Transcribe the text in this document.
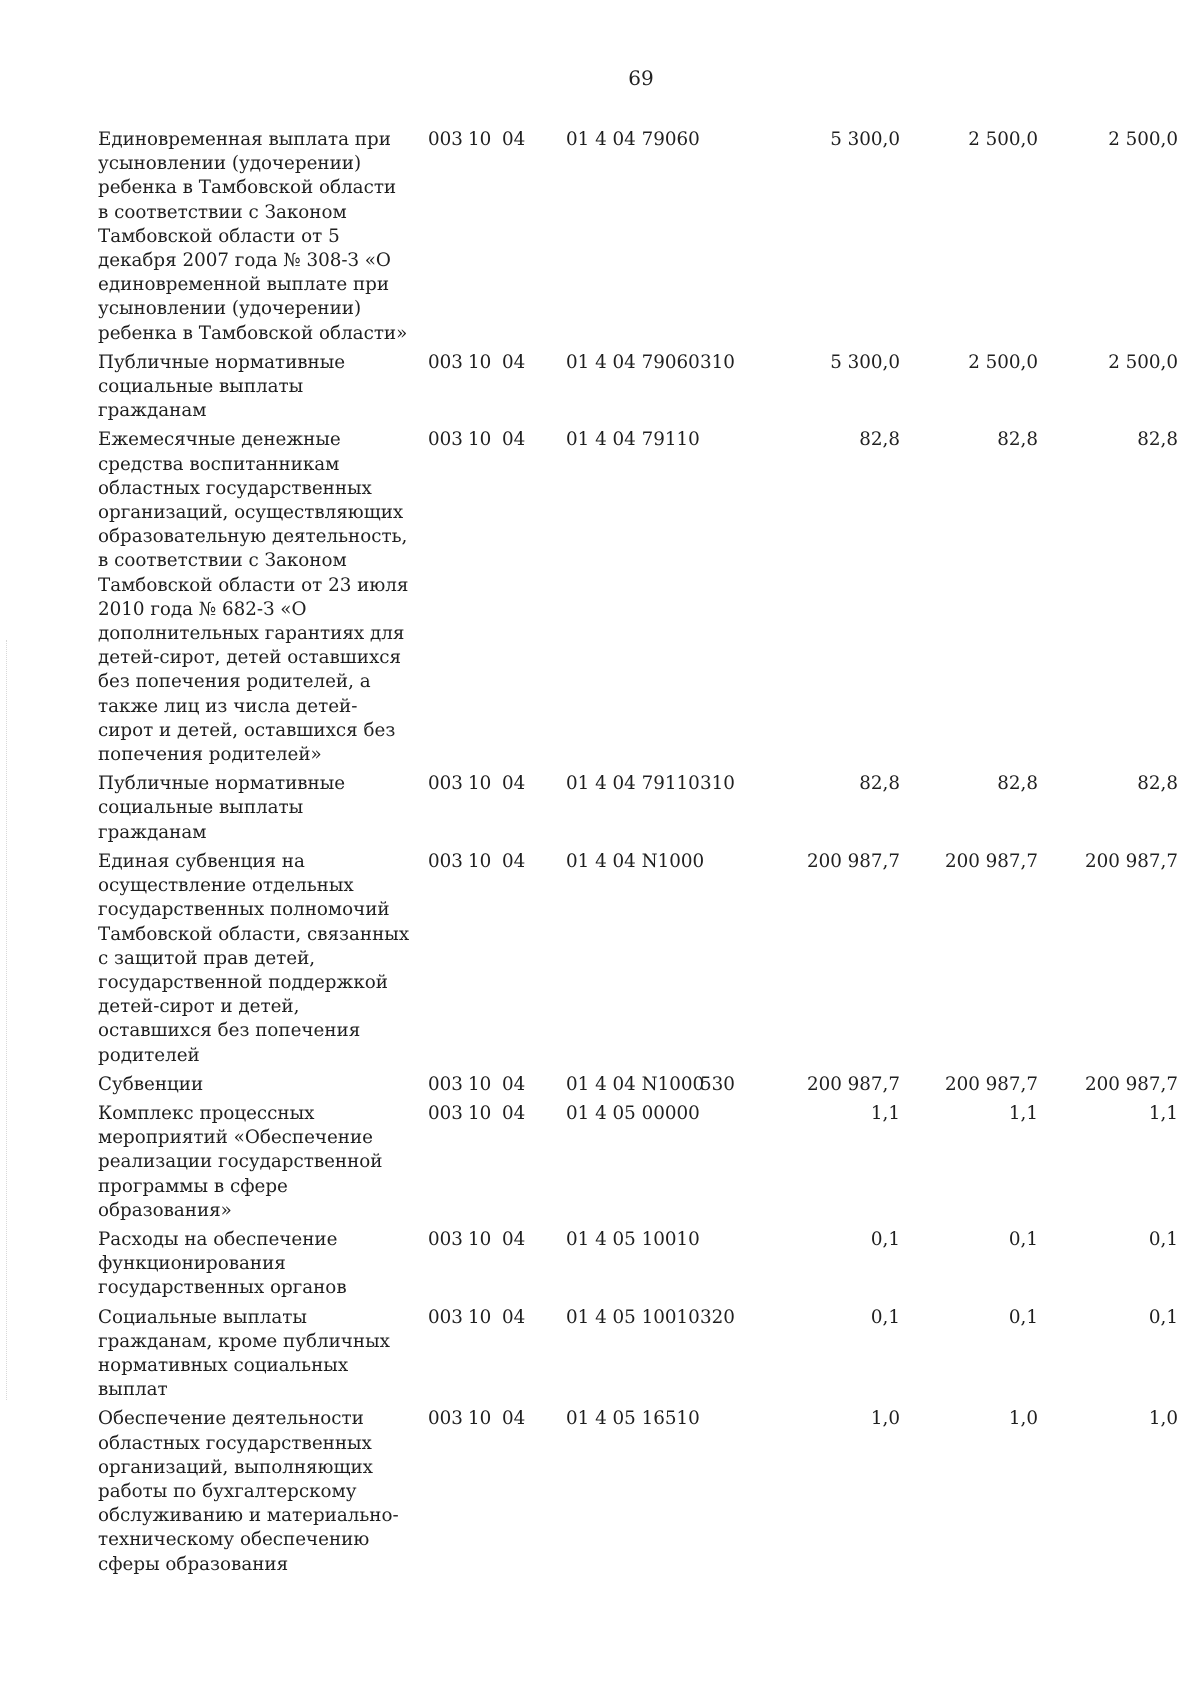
69
Единовременная выплата при усыновлении (удочерении) ребенка в Тамбовской области в соответствии с Законом Тамбовской области от 5 декабря 2007 года № 308-З «О единовременной выплате при усыновлении (удочерении) ребенка в Тамбовской области»	003	10	04	01 4 04 79060		5 300,0	2 500,0	2 500,0
Публичные нормативные социальные выплаты гражданам	003	10	04	01 4 04 79060	310	5 300,0	2 500,0	2 500,0
Ежемесячные денежные средства воспитанникам областных государственных организаций, осуществляющих образовательную деятельность, в соответствии с Законом Тамбовской области от 23 июля 2010 года № 682-З «О дополнительных гарантиях для детей-сирот, детей оставшихся без попечения родителей, а также лиц из числа детей-сирот и детей, оставшихся без попечения родителей»	003	10	04	01 4 04 79110		82,8	82,8	82,8
Публичные нормативные социальные выплаты гражданам	003	10	04	01 4 04 79110	310	82,8	82,8	82,8
Единая субвенция на осуществление отдельных государственных полномочий Тамбовской области, связанных с защитой прав детей, государственной поддержкой детей-сирот и детей, оставшихся без попечения родителей	003	10	04	01 4 04 N1000		200 987,7	200 987,7	200 987,7
Субвенции	003	10	04	01 4 04 N1000	530	200 987,7	200 987,7	200 987,7
Комплекс процессных мероприятий «Обеспечение реализации государственной программы в сфере образования»	003	10	04	01 4 05 00000		1,1	1,1	1,1
Расходы на обеспечение функционирования государственных органов	003	10	04	01 4 05 10010		0,1	0,1	0,1
Социальные выплаты гражданам, кроме публичных нормативных социальных выплат	003	10	04	01 4 05 10010	320	0,1	0,1	0,1
Обеспечение деятельности областных государственных организаций, выполняющих работы по бухгалтерскому обслуживанию и материально-техническому обеспечению сферы образования	003	10	04	01 4 05 16510		1,0	1,0	1,0
